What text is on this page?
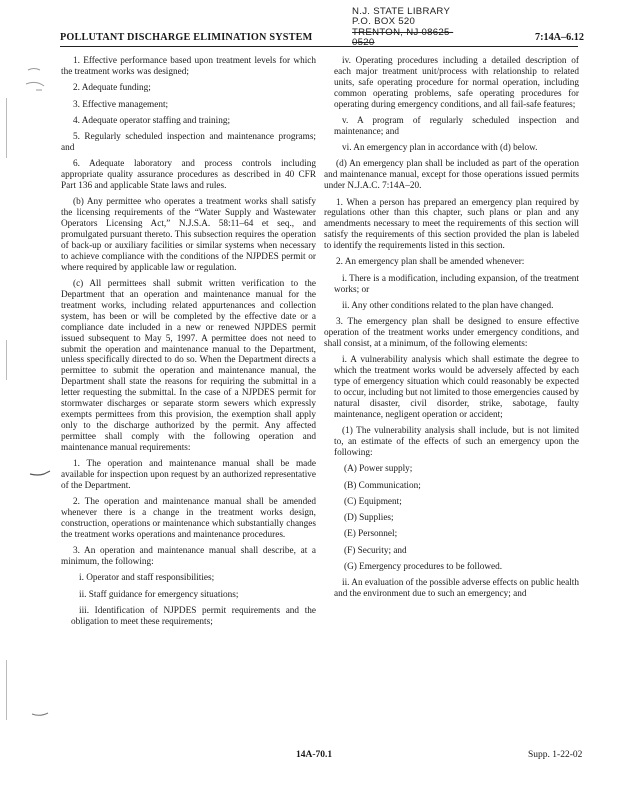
POLLUTANT DISCHARGE ELIMINATION SYSTEM
N.J. STATE LIBRARY
P.O. BOX 520
TRENTON, NJ 08625-0520	7:14A–6.12

1. Effective performance based upon treatment levels for which the treatment works was designed;

2. Adequate funding;

3. Effective management;

4. Adequate operator staffing and training;

5. Regularly scheduled inspection and maintenance programs; and

6. Adequate laboratory and process controls including appropriate quality assurance procedures as described in 40 CFR Part 136 and applicable State laws and rules.

(b) Any permittee who operates a treatment works shall satisfy the licensing requirements of the “Water Supply and Wastewater Operators Licensing Act,” N.J.S.A. 58:11–64 et seq., and promulgated pursuant thereto. This subsection requires the operation of back-up or auxiliary facilities or similar systems when necessary to achieve compliance with the conditions of the NJPDES permit or where required by applicable law or regulation.

(c) All permittees shall submit written verification to the Department that an operation and maintenance manual for the treatment works, including related appurtenances and collection system, has been or will be completed by the effective date or a compliance date included in a new or renewed NJPDES permit issued subsequent to May 5, 1997. A permittee does not need to submit the operation and maintenance manual to the Department, unless specifically directed to do so. When the Department directs a permittee to submit the operation and maintenance manual, the Department shall state the reasons for requiring the submittal in a letter requesting the submittal. In the case of a NJPDES permit for stormwater discharges or separate storm sewers which expressly exempts permittees from this provision, the exemption shall apply only to the discharge authorized by the permit. Any affected permittee shall comply with the following operation and maintenance manual requirements:

1. The operation and maintenance manual shall be made available for inspection upon request by an authorized representative of the Department.

2. The operation and maintenance manual shall be amended whenever there is a change in the treatment works design, construction, operations or maintenance which substantially changes the treatment works operations and maintenance procedures.

3. An operation and maintenance manual shall describe, at a minimum, the following:

i. Operator and staff responsibilities;

ii. Staff guidance for emergency situations;

iii. Identification of NJPDES permit requirements and the obligation to meet these requirements;

iv. Operating procedures including a detailed description of each major treatment unit/process with relationship to related units, safe operating procedure for normal operation, including common operating problems, safe operating procedures for operating during emergency conditions, and all fail-safe features;

v. A program of regularly scheduled inspection and maintenance; and

vi. An emergency plan in accordance with (d) below.

(d) An emergency plan shall be included as part of the operation and maintenance manual, except for those operations issued permits under N.J.A.C. 7:14A–20.

1. When a person has prepared an emergency plan required by regulations other than this chapter, such plans or plan and any amendments necessary to meet the requirements of this section will satisfy the requirements of this section provided the plan is labeled to identify the requirements listed in this section.

2. An emergency plan shall be amended whenever:

i. There is a modification, including expansion, of the treatment works; or

ii. Any other conditions related to the plan have changed.

3. The emergency plan shall be designed to ensure effective operation of the treatment works under emergency conditions, and shall consist, at a minimum, of the following elements:

i. A vulnerability analysis which shall estimate the degree to which the treatment works would be adversely affected by each type of emergency situation which could reasonably be expected to occur, including but not limited to those emergencies caused by natural disaster, civil disorder, strike, sabotage, faulty maintenance, negligent operation or accident;

(1) The vulnerability analysis shall include, but is not limited to, an estimate of the effects of such an emergency upon the following:

(A) Power supply;

(B) Communication;

(C) Equipment;

(D) Supplies;

(E) Personnel;

(F) Security; and

(G) Emergency procedures to be followed.

ii. An evaluation of the possible adverse effects on public health and the environment due to such an emergency; and

14A-70.1	Supp. 1-22-02
